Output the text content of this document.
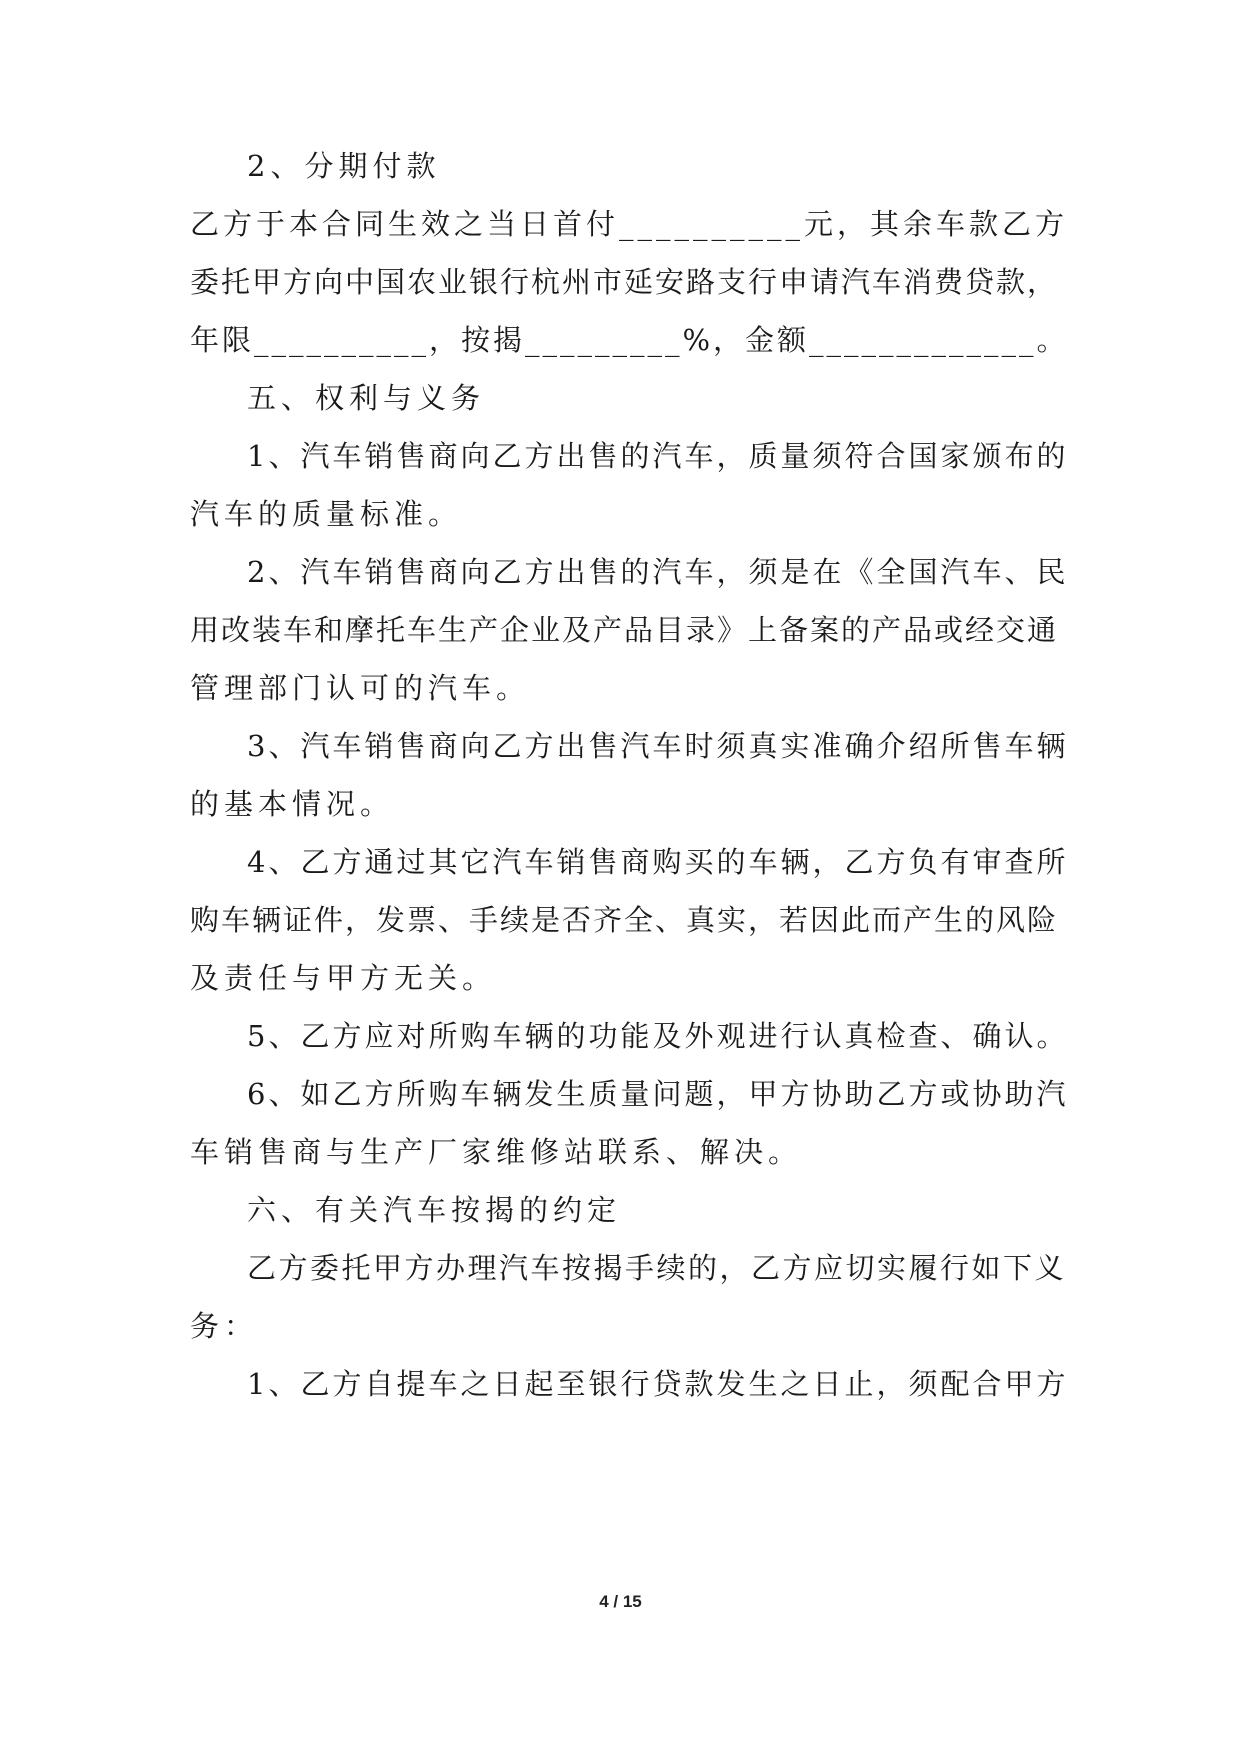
2、分期付款
乙方于本合同生效之当日首付__________元，其余车款乙方
委托甲方向中国农业银行杭州市延安路支行申请汽车消费贷款，
年限__________，按揭_________%，金额_____________。
五、权利与义务
1、汽车销售商向乙方出售的汽车，质量须符合国家颁布的
汽车的质量标准。
2、汽车销售商向乙方出售的汽车，须是在《全国汽车、民
用改装车和摩托车生产企业及产品目录》上备案的产品或经交通
管理部门认可的汽车。
3、汽车销售商向乙方出售汽车时须真实准确介绍所售车辆
的基本情况。
4、乙方通过其它汽车销售商购买的车辆，乙方负有审查所
购车辆证件，发票、手续是否齐全、真实，若因此而产生的风险
及责任与甲方无关。
5、乙方应对所购车辆的功能及外观进行认真检查、确认。
6、如乙方所购车辆发生质量问题，甲方协助乙方或协助汽
车销售商与生产厂家维修站联系、解决。
六、有关汽车按揭的约定
乙方委托甲方办理汽车按揭手续的，乙方应切实履行如下义
务：
1、乙方自提车之日起至银行贷款发生之日止，须配合甲方
4 / 15
